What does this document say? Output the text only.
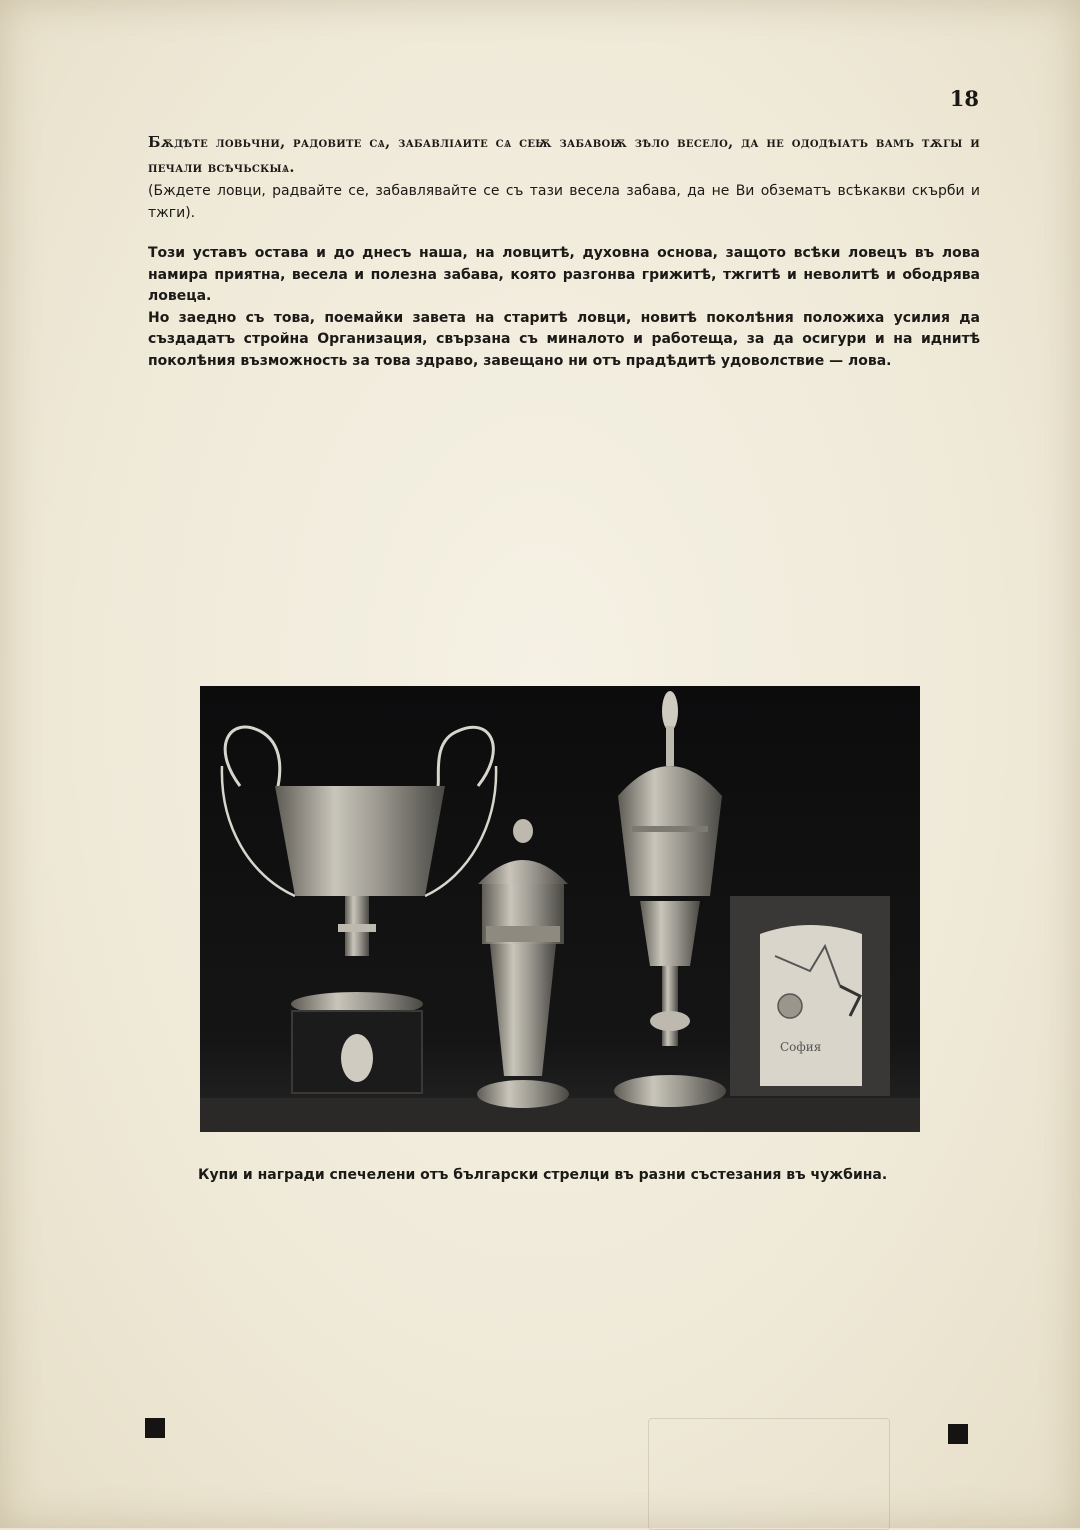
18

Бѫдѣте ловьчни, радовите сѧ, забавлıаите сѧ сеѭ забавоѭ зѣло весело, да не ододѣıатъ вамъ тѫгы и печали всѣчьскыѧ.

(Бждете ловци, радвайте се, забавлявайте се съ тази весела забава, да не Ви обзематъ всѣкакви скърби и тжги).

Този уставъ остава и до днесъ наша, на ловцитѣ, духовна основа, защото всѣки ловецъ въ лова намира приятна, весела и полезна забава, която разгонва грижитѣ, тжгитѣ и неволитѣ и ободрява ловеца.

Но заедно съ това, поемайки завета на старитѣ ловци, новитѣ поколѣния положиха усилия да създадатъ стройна Организация, свързана съ миналото и работеща, за да осигури и на иднитѣ поколѣния възможность за това здраво, завещано ни отъ прадѣдитѣ удоволствие — лова.

София

Купи и награди спечелени отъ български стрелци въ разни състезания въ чужбина.
